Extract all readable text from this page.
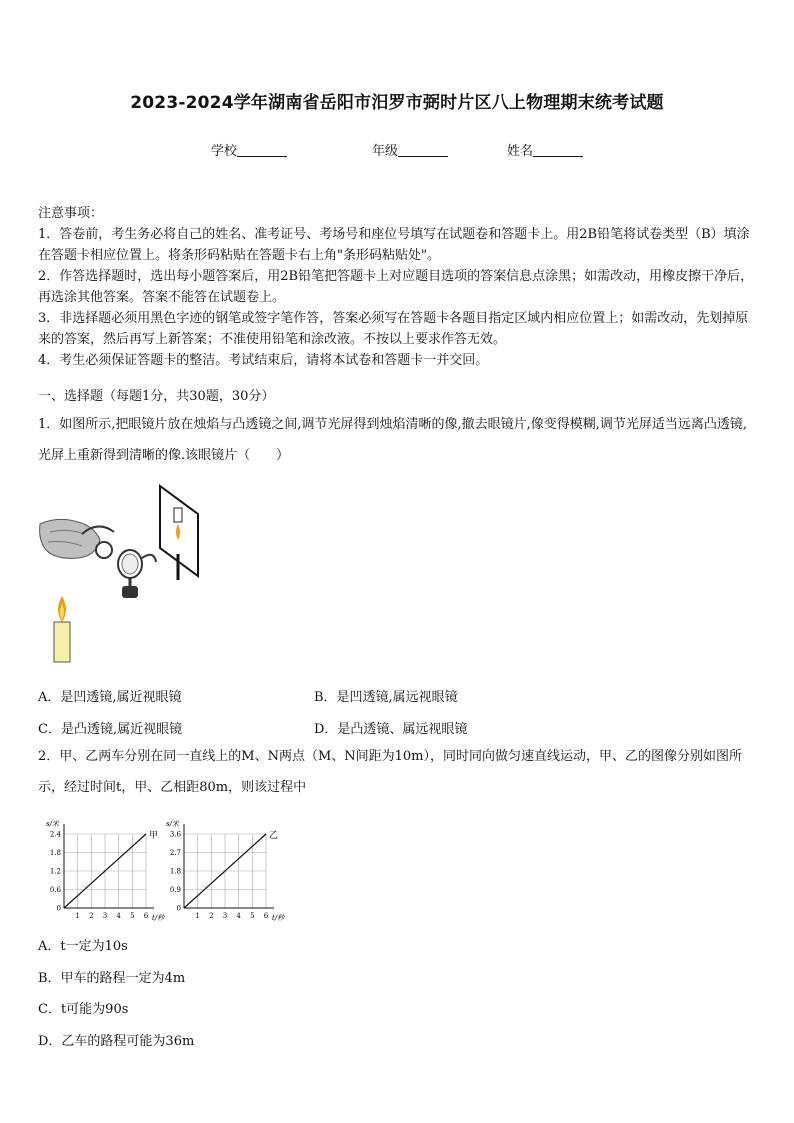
2023-2024学年湖南省岳阳市汨罗市弼时片区八上物理期末统考试题
学校	年级	姓名

注意事项：

1．答卷前，考生务必将自己的姓名、准考证号、考场号和座位号填写在试题卷和答题卡上。用2B铅笔将试卷类型（B）填涂在答题卡相应位置上。将条形码粘贴在答题卡右上角"条形码粘贴处"。

2．作答选择题时，选出每小题答案后，用2B铅笔把答题卡上对应题目选项的答案信息点涂黑；如需改动，用橡皮擦干净后，再选涂其他答案。答案不能答在试题卷上。

3．非选择题必须用黑色字迹的钢笔或签字笔作答，答案必须写在答题卡各题目指定区域内相应位置上；如需改动，先划掉原来的答案，然后再写上新答案；不准使用铅笔和涂改液。不按以上要求作答无效。

4．考生必须保证答题卡的整洁。考试结束后，请将本试卷和答题卡一并交回。

一、选择题（每题1分，共30题，30分）
1．如图所示,把眼镜片放在烛焰与凸透镜之间,调节光屏得到烛焰清晰的像,撤去眼镜片,像变得模糊,调节光屏适当远离凸透镜,光屏上重新得到清晰的像.该眼镜片（　　）
A．是凹透镜,属近视眼镜	B．是凹透镜,属远视眼镜
C．是凸透镜,属近视眼镜	D．是凸透镜、属远视眼镜
2．甲、乙两车分别在同一直线上的M、N两点（M、N间距为10m），同时同向做匀速直线运动，甲、乙的图像分别如图所示，经过时间t，甲、乙相距80m，则该过程中
1 2 3 4 5 6
0
0.6
1.2
1.8
2.4
s/米
t/秒
甲
1 2 3 4 5 6
0
0.9
1.8
2.7
3.6
s/米
t/秒
乙
A．t一定为10s
B．甲车的路程一定为4m
C．t可能为90s
D．乙车的路程可能为36m
